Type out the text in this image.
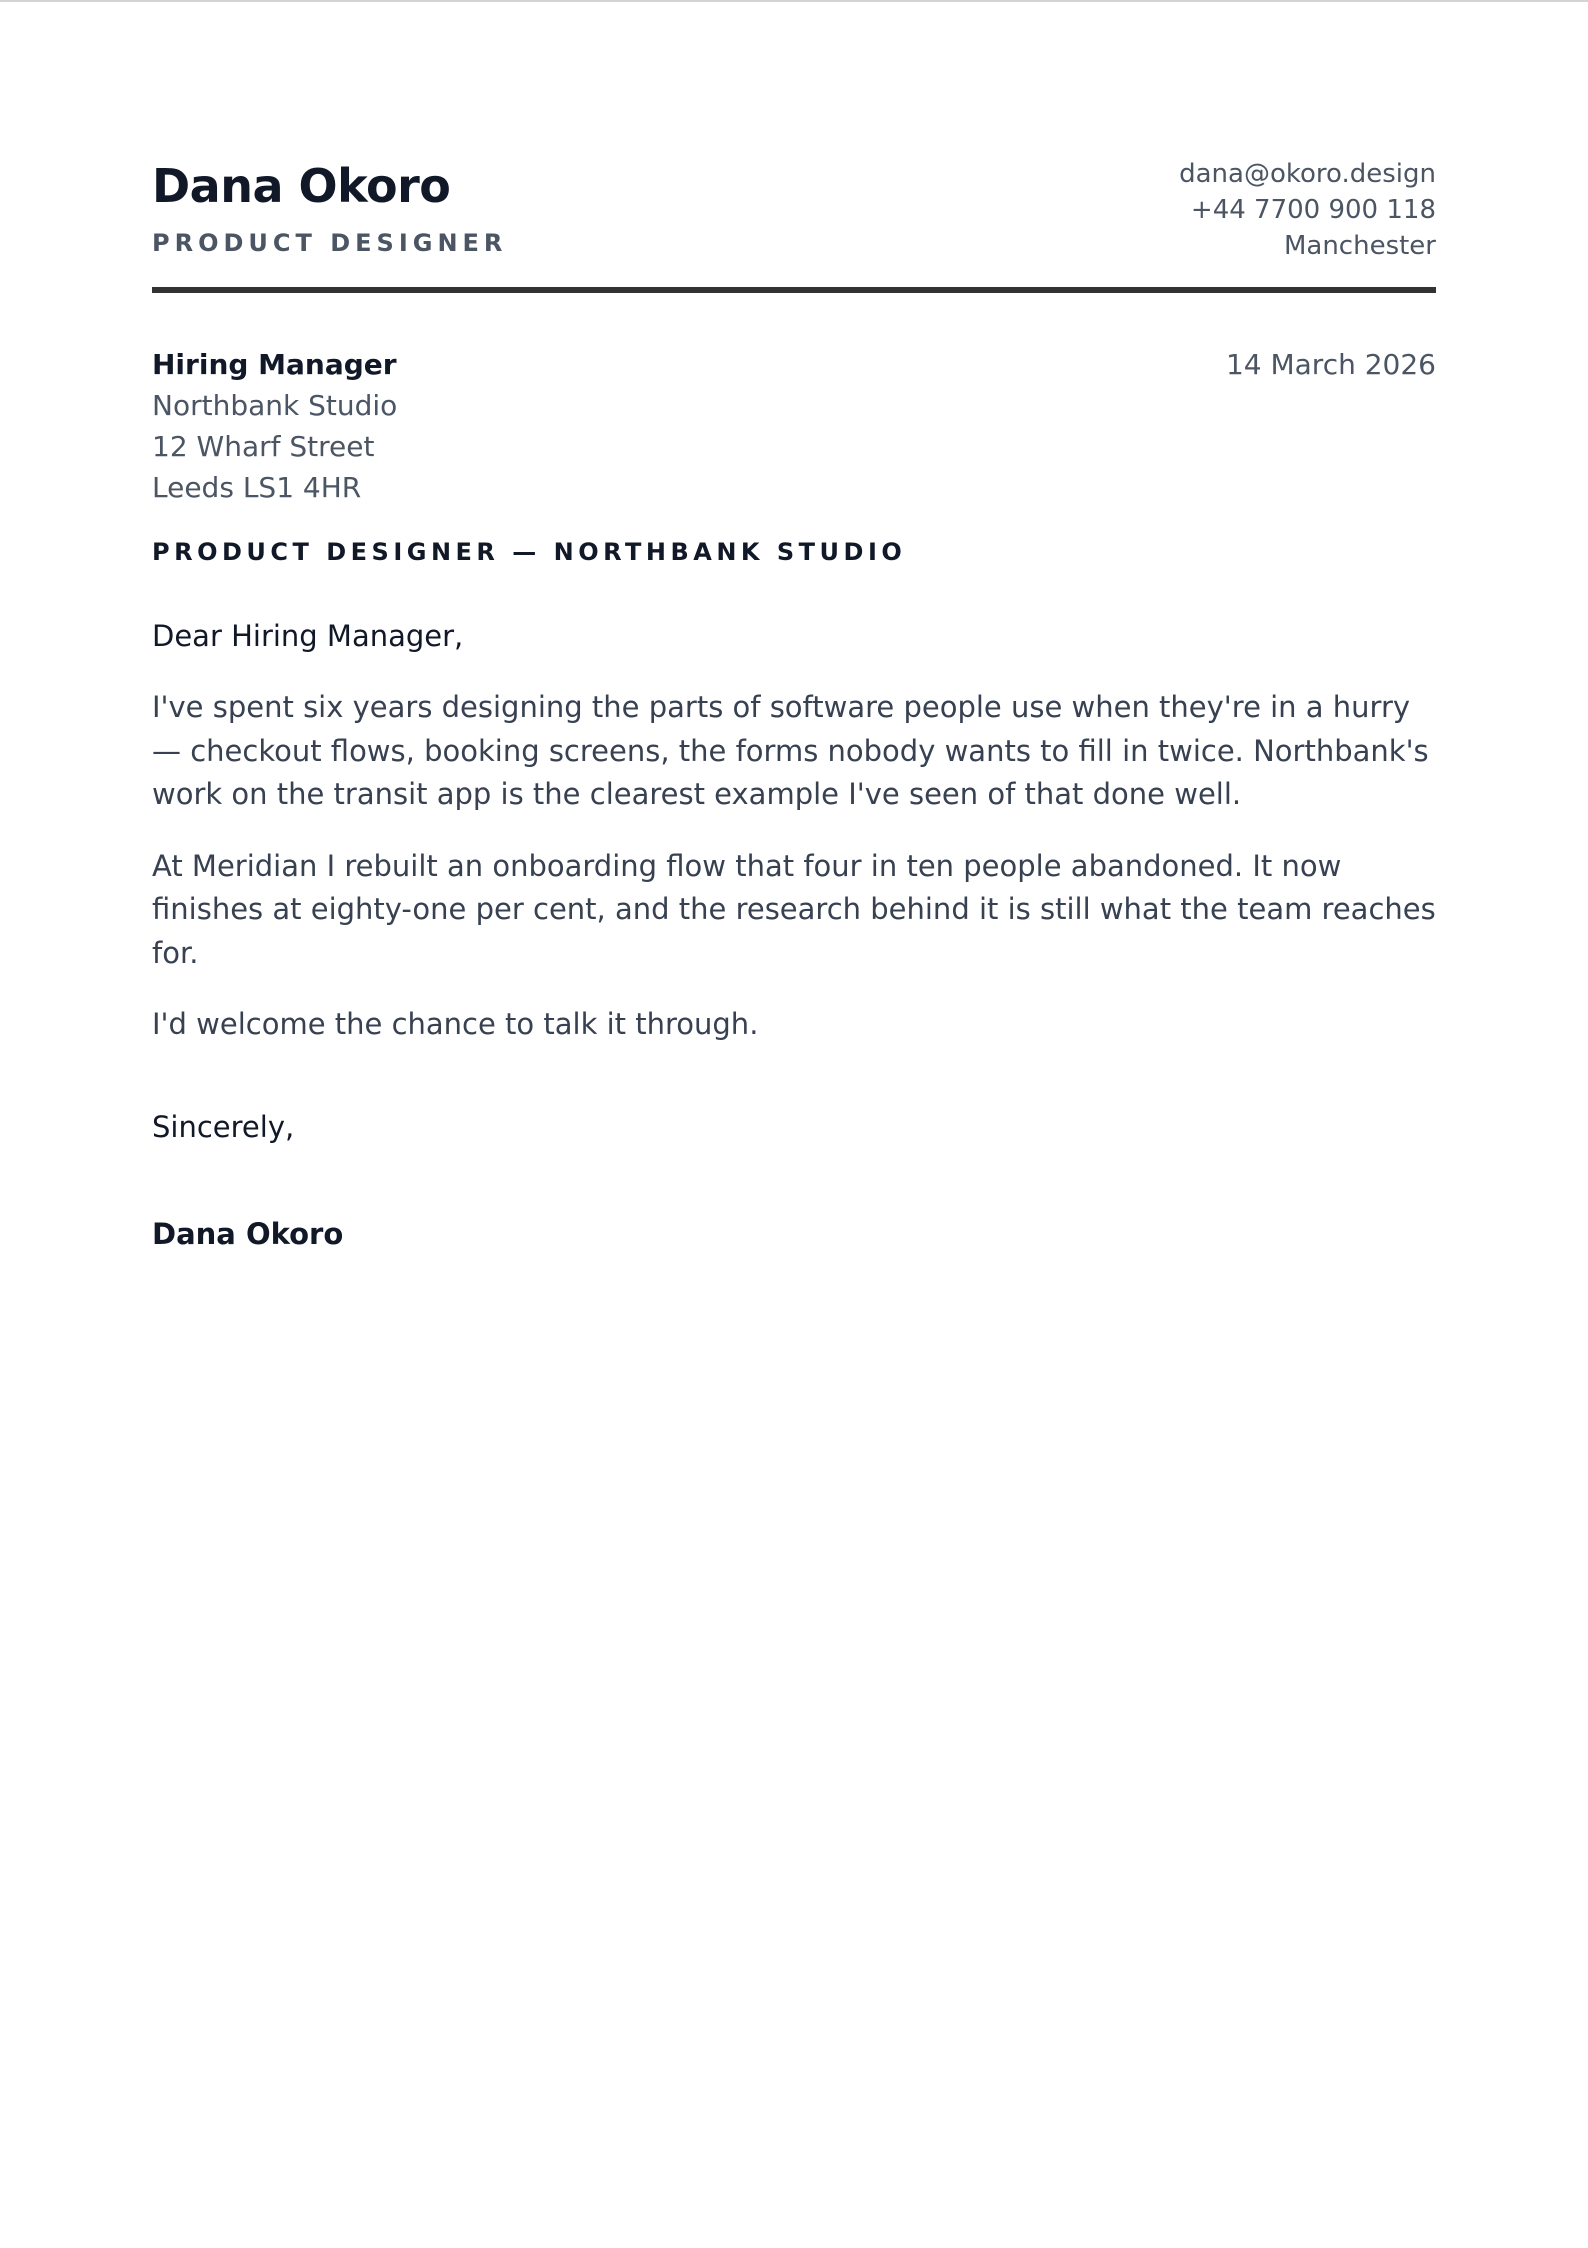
Dana Okoro
PRODUCT DESIGNER
dana@okoro.design
+44 7700 900 118
Manchester
Hiring Manager
Northbank Studio
12 Wharf Street
Leeds LS1 4HR
14 March 2026
PRODUCT DESIGNER — NORTHBANK STUDIO
Dear Hiring Manager,

I've spent six years designing the parts of software people use when they're in a hurry — checkout flows, booking screens, the forms nobody wants to fill in twice. Northbank's work on the transit app is the clearest example I've seen of that done well.

At Meridian I rebuilt an onboarding flow that four in ten people abandoned. It now finishes at eighty-one per cent, and the research behind it is still what the team reaches for.

I'd welcome the chance to talk it through.

Sincerely,
Dana Okoro
